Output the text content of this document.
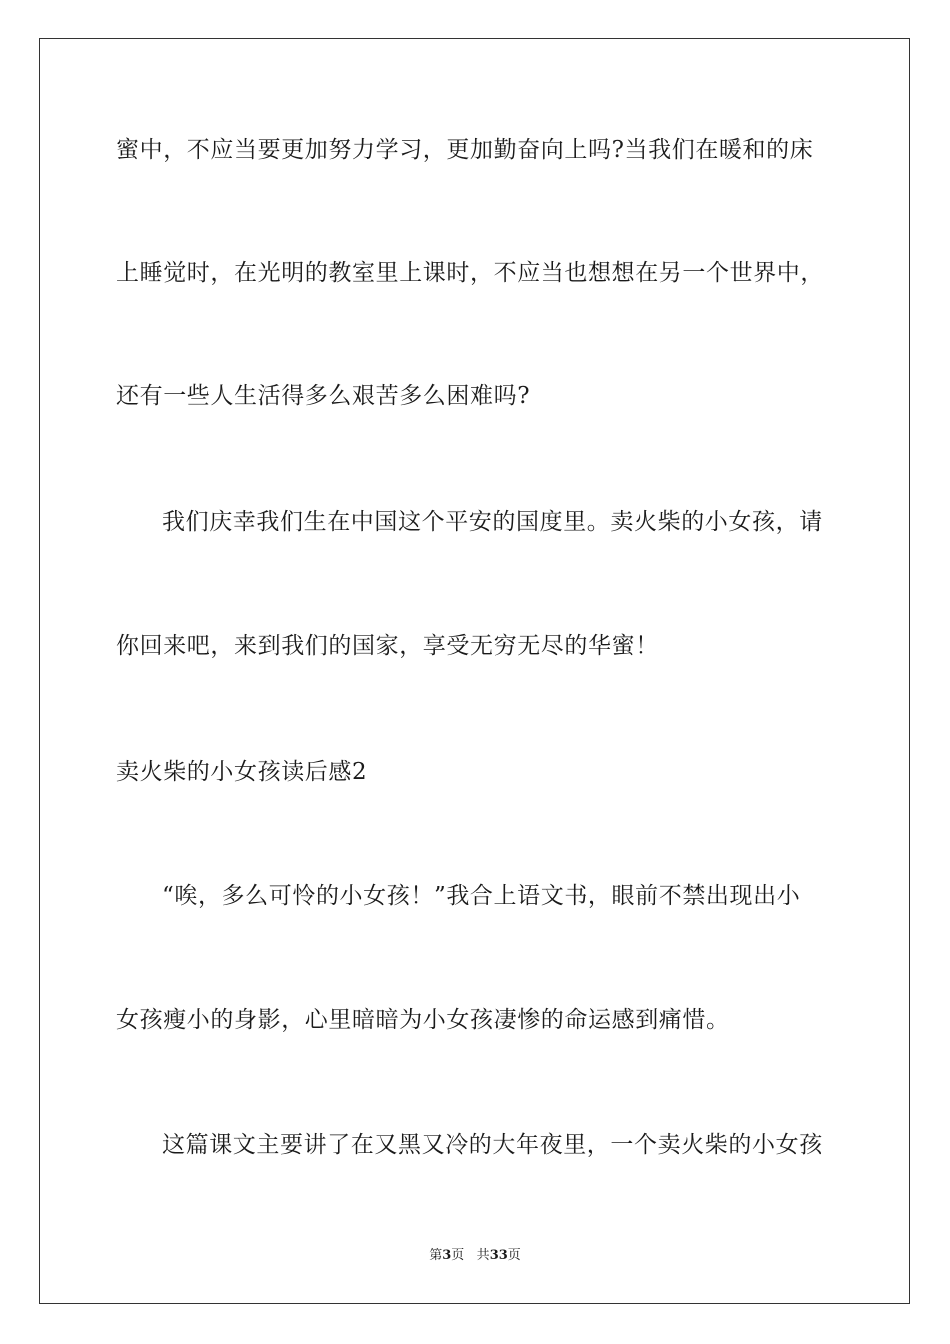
蜜中，不应当要更加努力学习，更加勤奋向上吗?当我们在暖和的床
上睡觉时，在光明的教室里上课时，不应当也想想在另一个世界中，
还有一些人生活得多么艰苦多么困难吗?
我们庆幸我们生在中国这个平安的国度里。卖火柴的小女孩，请
你回来吧，来到我们的国家，享受无穷无尽的华蜜！
卖火柴的小女孩读后感2
“唉，多么可怜的小女孩！”我合上语文书，眼前不禁出现出小
女孩瘦小的身影，心里暗暗为小女孩凄惨的命运感到痛惜。
这篇课文主要讲了在又黑又冷的大年夜里，一个卖火柴的小女孩
第3页 共33页
